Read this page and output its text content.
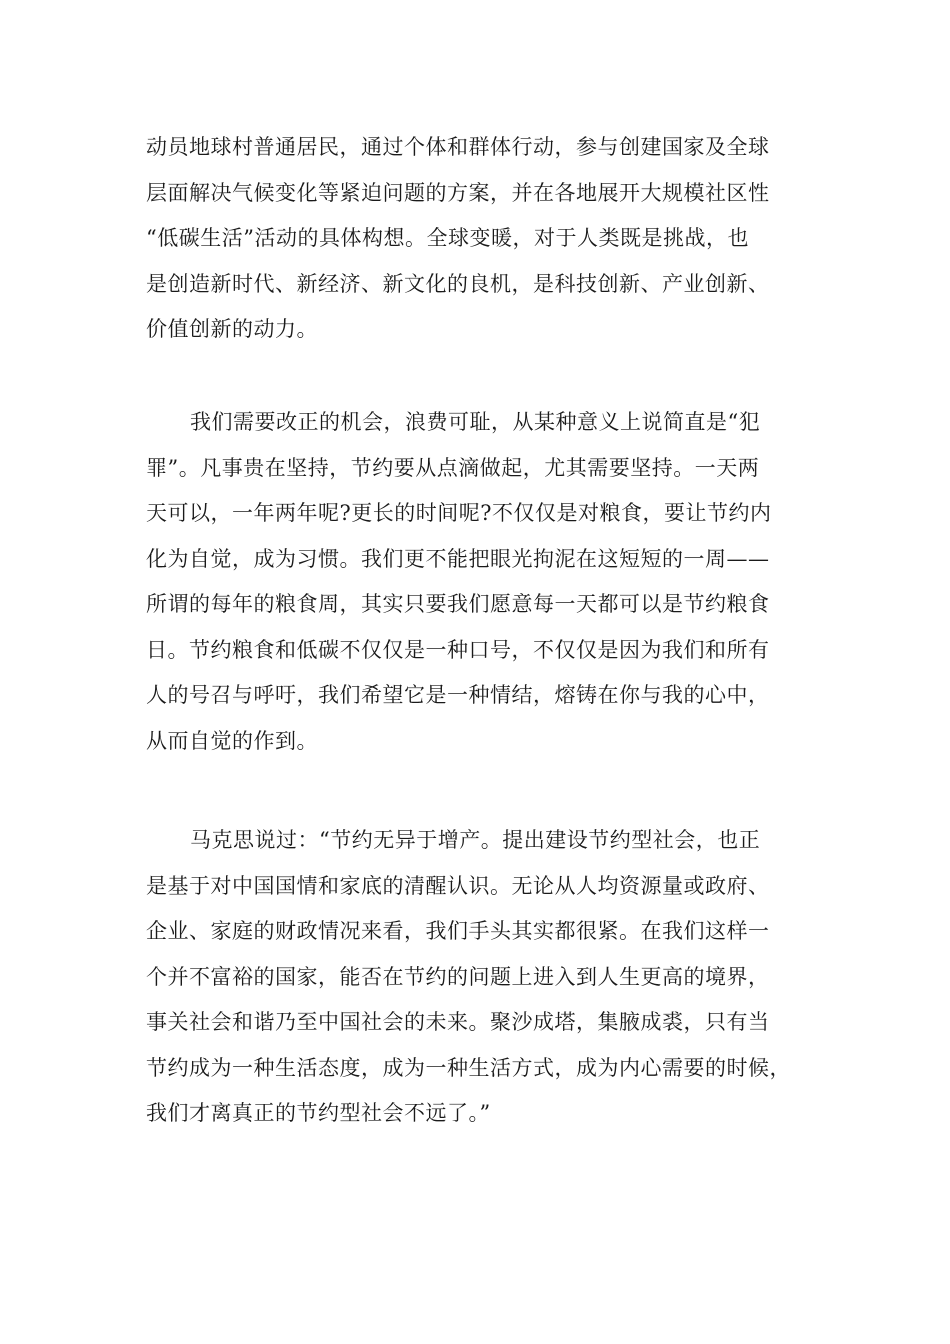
动员地球村普通居民，通过个体和群体行动，参与创建国家及全球
层面解决气候变化等紧迫问题的方案，并在各地展开大规模社区性
“低碳生活”活动的具体构想。全球变暖，对于人类既是挑战，也
是创造新时代、新经济、新文化的良机，是科技创新、产业创新、
价值创新的动力。
我们需要改正的机会，浪费可耻，从某种意义上说简直是“犯
罪”。凡事贵在坚持，节约要从点滴做起，尤其需要坚持。一天两
天可以，一年两年呢?更长的时间呢?不仅仅是对粮食，要让节约内
化为自觉，成为习惯。我们更不能把眼光拘泥在这短短的一周——
所谓的每年的粮食周，其实只要我们愿意每一天都可以是节约粮食
日。节约粮食和低碳不仅仅是一种口号，不仅仅是因为我们和所有
人的号召与呼吁，我们希望它是一种情结，熔铸在你与我的心中，
从而自觉的作到。
马克思说过：“节约无异于增产。提出建设节约型社会，也正
是基于对中国国情和家底的清醒认识。无论从人均资源量或政府、
企业、家庭的财政情况来看，我们手头其实都很紧。在我们这样一
个并不富裕的国家，能否在节约的问题上进入到人生更高的境界，
事关社会和谐乃至中国社会的未来。聚沙成塔，集腋成裘，只有当
节约成为一种生活态度，成为一种生活方式，成为内心需要的时候，
我们才离真正的节约型社会不远了。”
